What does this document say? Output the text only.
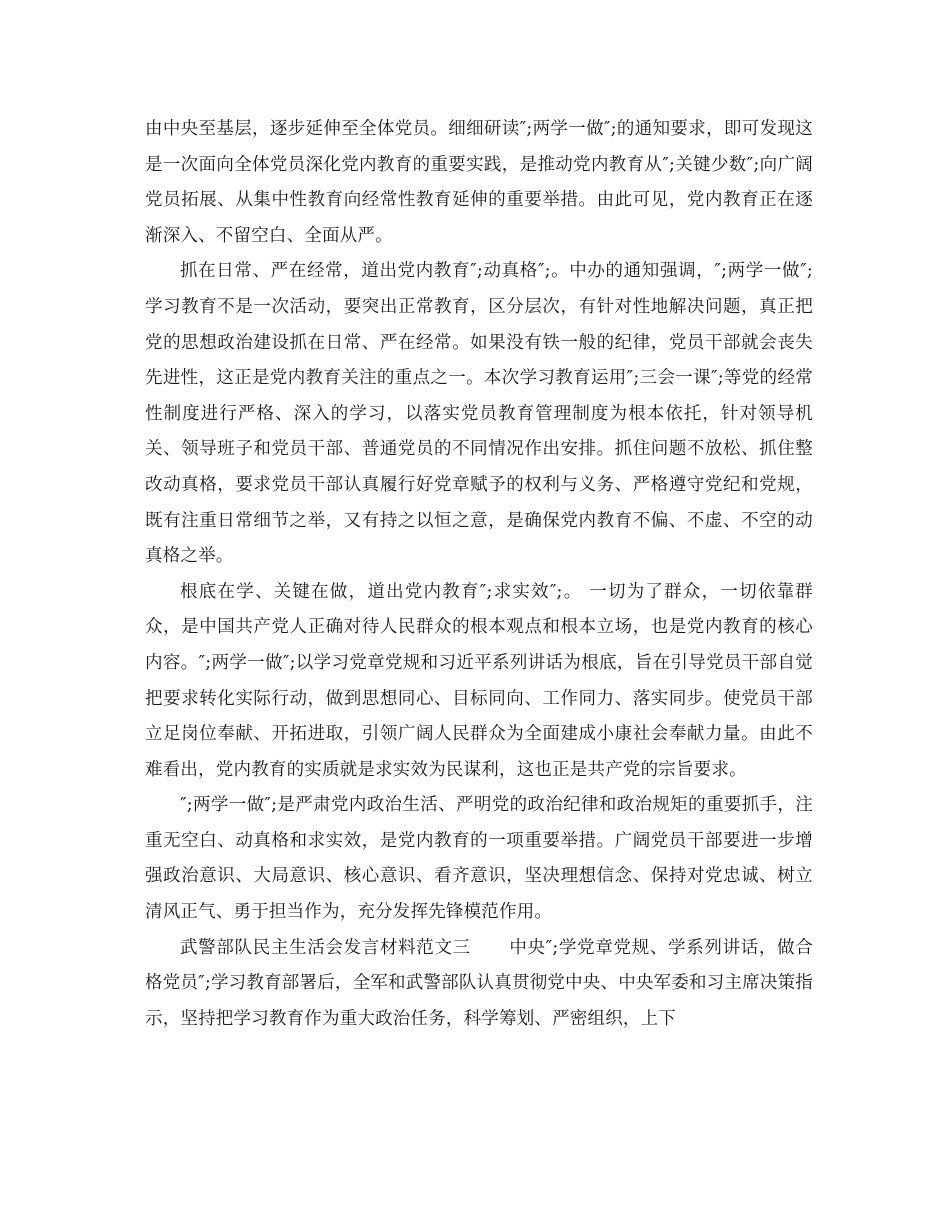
由中央至基层，逐步延伸至全体党员。细细研读″;两学一做″;的通知要求，即可发现这是一次面向全体党员深化党内教育的重要实践，是推动党内教育从″;关键少数″;向广阔党员拓展、从集中性教育向经常性教育延伸的重要举措。由此可见，党内教育正在逐渐深入、不留空白、全面从严。

抓在日常、严在经常，道出党内教育″;动真格″;。中办的通知强调，″;两学一做″;学习教育不是一次活动，要突出正常教育，区分层次，有针对性地解决问题，真正把党的思想政治建设抓在日常、严在经常。如果没有铁一般的纪律，党员干部就会丧失先进性，这正是党内教育关注的重点之一。本次学习教育运用″;三会一课″;等党的经常性制度进行严格、深入的学习，以落实党员教育管理制度为根本依托，针对领导机关、领导班子和党员干部、普通党员的不同情况作出安排。抓住问题不放松、抓住整改动真格，要求党员干部认真履行好党章赋予的权利与义务、严格遵守党纪和党规，既有注重日常细节之举，又有持之以恒之意，是确保党内教育不偏、不虚、不空的动真格之举。

根底在学、关键在做，道出党内教育″;求实效″;。 一切为了群众，一切依靠群众，是中国共产党人正确对待人民群众的根本观点和根本立场，也是党内教育的核心内容。″;两学一做″;以学习党章党规和习近平系列讲话为根底，旨在引导党员干部自觉把要求转化实际行动，做到思想同心、目标同向、工作同力、落实同步。使党员干部立足岗位奉献、开拓进取，引领广阔人民群众为全面建成小康社会奉献力量。由此不难看出，党内教育的实质就是求实效为民谋利，这也正是共产党的宗旨要求。

″;两学一做″;是严肃党内政治生活、严明党的政治纪律和政治规矩的重要抓手，注重无空白、动真格和求实效，是党内教育的一项重要举措。广阔党员干部要进一步增强政治意识、大局意识、核心意识、看齐意识，坚决理想信念、保持对党忠诚、树立清风正气、勇于担当作为，充分发挥先锋模范作用。

武警部队民主生活会发言材料范文三 中央″;学党章党规、学系列讲话，做合格党员″;学习教育部署后，全军和武警部队认真贯彻党中央、中央军委和习主席决策指示，坚持把学习教育作为重大政治任务，科学筹划、严密组织，上下
